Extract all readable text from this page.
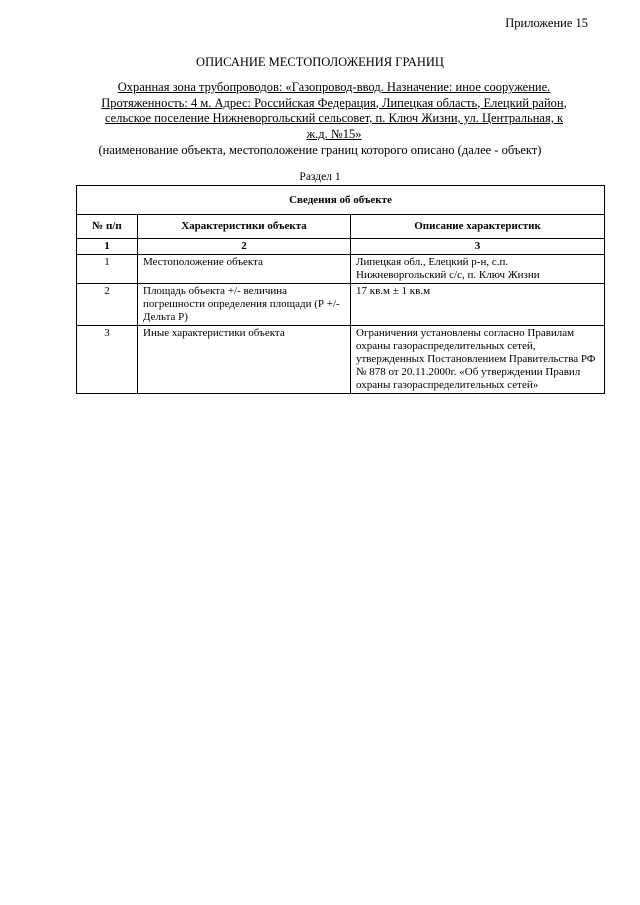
Приложение 15
ОПИСАНИЕ МЕСТОПОЛОЖЕНИЯ ГРАНИЦ
Охранная зона трубопроводов: «Газопровод-ввод. Назначение: иное сооружение. Протяженность: 4 м. Адрес: Российская Федерация, Липецкая область, Елецкий район, сельское поселение Нижневоргольский сельсовет, п. Ключ Жизни, ул. Центральная, к ж.д. №15»
(наименование объекта, местоположение границ которого описано (далее - объект)
Раздел 1
Сведения об объекте		
№ п/п	Характеристики объекта	Описание характеристик
1	2	3
1	Местоположение объекта	Липецкая обл., Елецкий р-н, с.п. Нижневоргольский с/с, п. Ключ Жизни
2	Площадь объекта +/- величина погрешности определения площади (Р +/- Дельта Р)	17 кв.м ± 1 кв.м
3	Иные характеристики объекта	Ограничения установлены согласно Правилам охраны газораспределительных сетей, утвержденных Постановлением Правительства РФ № 878 от 20.11.2000г. «Об утверждении Правил охраны газораспределительных сетей»
